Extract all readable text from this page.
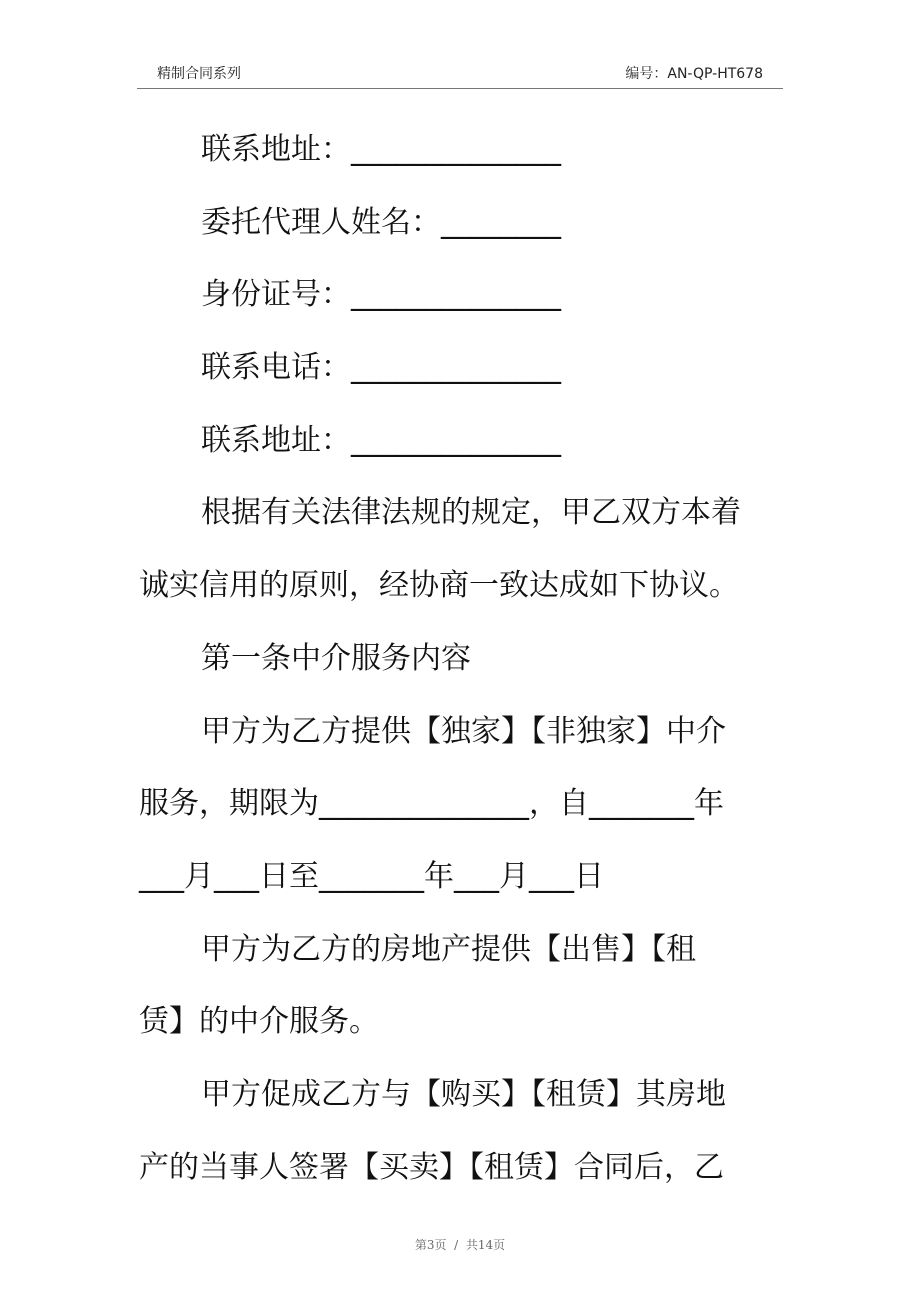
精制合同系列	编号：AN-QP-HT678
联系地址：______________
委托代理人姓名：________
身份证号：______________
联系电话：______________
联系地址：______________
根据有关法律法规的规定，甲乙双方本着
诚实信用的原则，经协商一致达成如下协议。
第一条中介服务内容
甲方为乙方提供【独家】【非独家】中介
服务，期限为______________，自_______年
___月___日至_______年___月___日
甲方为乙方的房地产提供【出售】【租
赁】的中介服务。
甲方促成乙方与【购买】【租赁】其房地
产的当事人签署【买卖】【租赁】合同后，乙
第3页  /  共14页
